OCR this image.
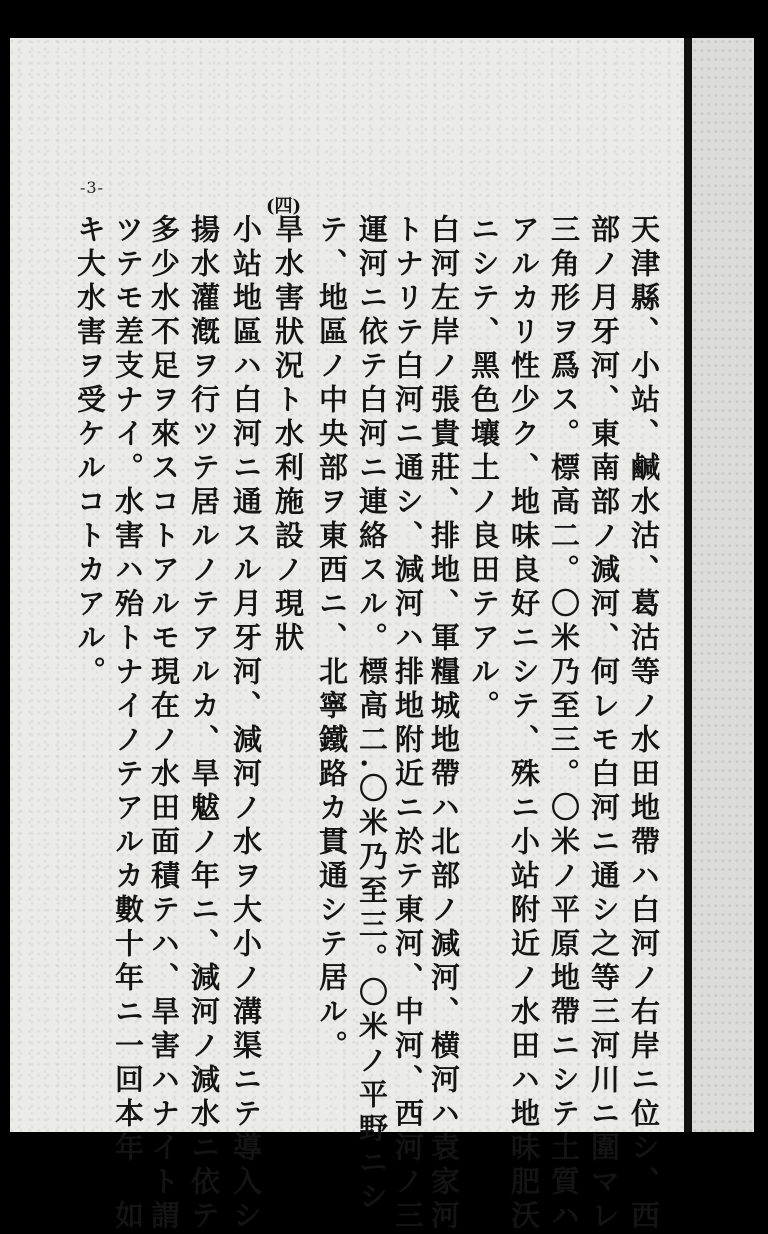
-3-
(四)
天津縣、小站、鹹水沽、葛沽等ノ水田地帶ハ白河ノ右岸ニ位シ、西
部ノ月牙河、東南部ノ減河、何レモ白河ニ通シ之等三河川ニ圍マレ
三角形ヲ爲ス。標高二。〇米乃至三。〇米ノ平原地帶ニシテ土質ハ
アルカリ性少ク、地味良好ニシテ、殊ニ小站附近ノ水田ハ地味肥沃
ニシテ、黑色壤土ノ良田テアル。
白河左岸ノ張貴莊、排地、軍糧城地帶ハ北部ノ減河、横河ハ袁家河
トナリテ白河ニ通シ、減河ハ排地附近ニ於テ東河、中河、西河ノ三
運河ニ依テ白河ニ連絡スル。標高二.〇米乃至三。〇米ノ平野ニシ
テ、地區ノ中央部ヲ東西ニ、北寧鐵路カ貫通シテ居ル。
旱水害狀況ト水利施設ノ現狀
小站地區ハ白河ニ通スル月牙河、減河ノ水ヲ大小ノ溝渠ニテ導入シ
揚水灌漑ヲ行ツテ居ルノテアルカ、旱魃ノ年ニ、減河ノ減水ニ依テ
多少水不足ヲ來スコトアルモ現在ノ水田面積テハ、旱害ハナイト謂
ツテモ差支ナイ。水害ハ殆トナイノテアルカ數十年ニ一回本年　如
キ大水害ヲ受ケルコトカアル。
